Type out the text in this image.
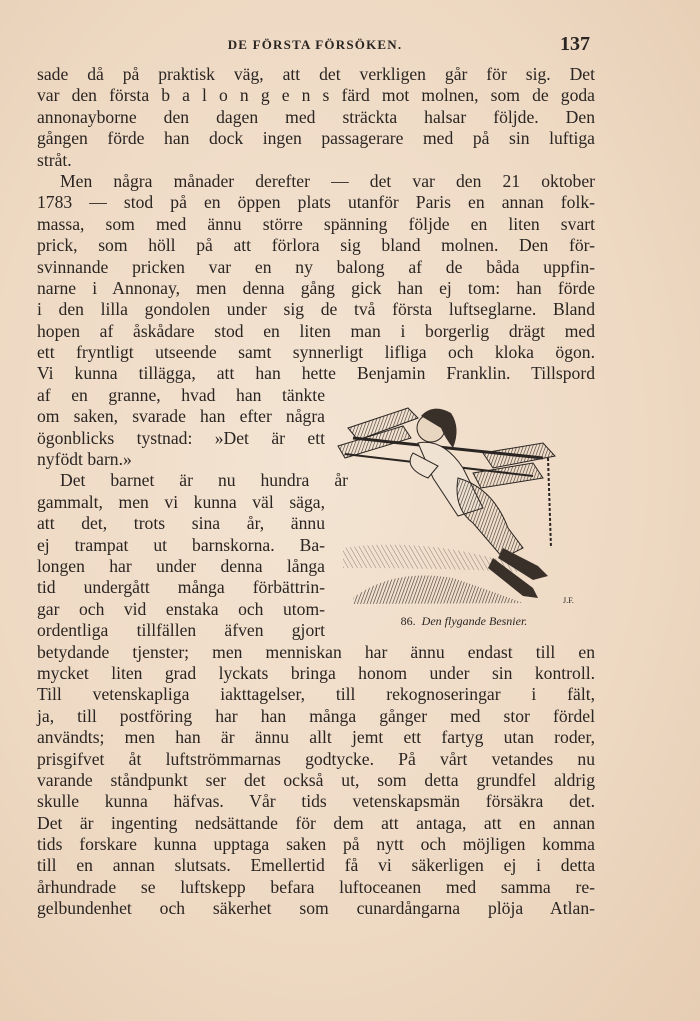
DE FÖRSTA FÖRSÖKEN.	137
sade då på praktisk väg, att det verkligen går för sig. Det
var den första b a l o n g e n s färd mot molnen, som de goda
annonayborne den dagen med sträckta halsar följde. Den
gången förde han dock ingen passagerare med på sin luftiga
stråt.
Men några månader derefter — det var den 21 oktober
1783 — stod på en öppen plats utanför Paris en annan folk-
massa, som med ännu större spänning följde en liten svart
prick, som höll på att förlora sig bland molnen. Den för-
svinnande pricken var en ny balong af de båda uppfin-
narne i Annonay, men denna gång gick han ej tom: han förde
i den lilla gondolen under sig de två första luftseglarne. Bland
hopen af åskådare stod en liten man i borgerlig drägt med
ett fryntligt utseende samt synnerligt lifliga och kloka ögon.
Vi kunna tillägga, att han hette Benjamin Franklin. Tillspord
af en granne, hvad han tänkte
om saken, svarade han efter några
ögonblicks tystnad: »Det är ett
nyfödt barn.»
Det barnet är nu hundra år
gammalt, men vi kunna väl säga,
att det, trots sina år, ännu
ej trampat ut barnskorna. Ba-
longen har under denna långa
tid undergått många förbättrin-
gar och vid enstaka och utom-
ordentliga tillfällen äfven gjort
betydande tjenster; men menniskan har ännu endast till en
mycket liten grad lyckats bringa honom under sin kontroll.
Till vetenskapliga iakttagelser, till rekognoseringar i fält,
ja, till postföring har han många gånger med stor fördel
användts; men han är ännu allt jemt ett fartyg utan roder,
prisgifvet åt luftströmmarnas godtycke. På vårt vetandes nu
varande ståndpunkt ser det också ut, som detta grundfel aldrig
skulle kunna häfvas. Vår tids vetenskapsmän försäkra det.
Det är ingenting nedsättande för dem att antaga, att en annan
tids forskare kunna upptaga saken på nytt och möjligen komma
till en annan slutsats. Emellertid få vi säkerligen ej i detta
århundrade se luftskepp befara luftoceanen med samma re-
gelbundenhet och säkerhet som cunardångarna plöja Atlan-
J.F.
86. Den flygande Besnier.
